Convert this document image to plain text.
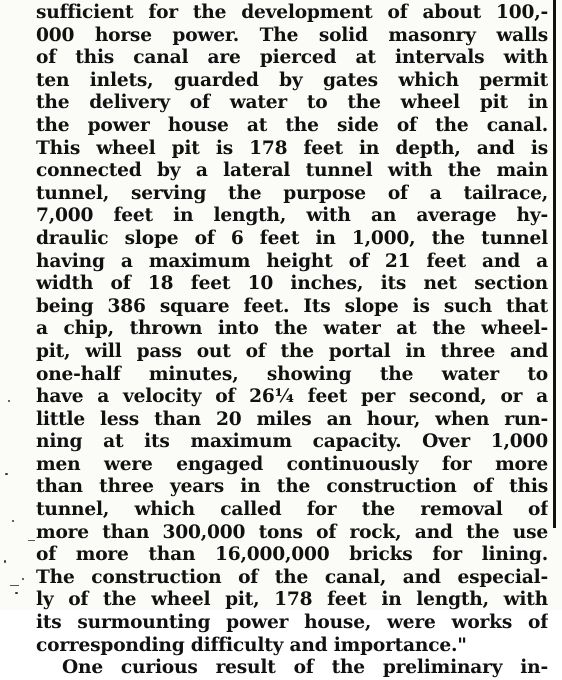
sufficient for the development of about 100,-
000 horse power. The solid masonry walls
of this canal are pierced at intervals with
ten inlets, guarded by gates which permit
the delivery of water to the wheel pit in
the power house at the side of the canal.
This wheel pit is 178 feet in depth, and is
connected by a lateral tunnel with the main
tunnel, serving the purpose of a tailrace,
7,000 feet in length, with an average hy-
draulic slope of 6 feet in 1,000, the tunnel
having a maximum height of 21 feet and a
width of 18 feet 10 inches, its net section
being 386 square feet. Its slope is such that
a chip, thrown into the water at the wheel-
pit, will pass out of the portal in three and
one-half minutes, showing the water to
have a velocity of 26¼ feet per second, or a
little less than 20 miles an hour, when run-
ning at its maximum capacity. Over 1,000
men were engaged continuously for more
than three years in the construction of this
tunnel, which called for the removal of
more than 300,000 tons of rock, and the use
of more than 16,000,000 bricks for lining.
The construction of the canal, and especial-
ly of the wheel pit, 178 feet in length, with
its surmounting power house, were works of
corresponding difficulty and importance."
One curious result of the preliminary in-
